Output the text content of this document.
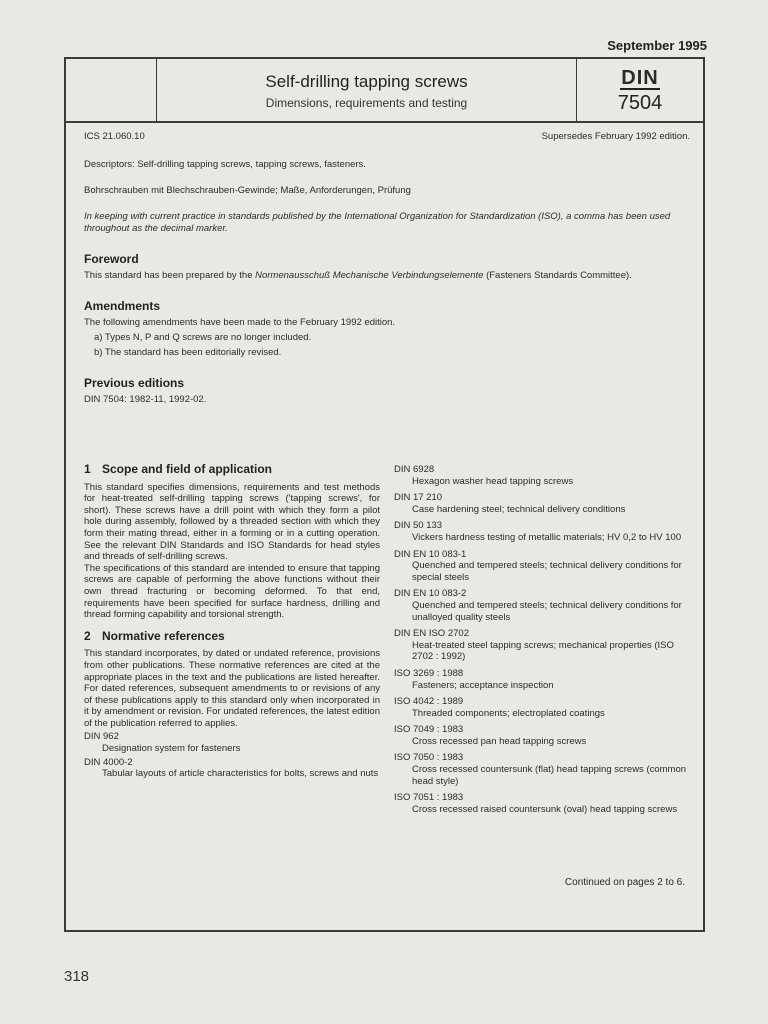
September 1995
Self-drilling tapping screws
Dimensions, requirements and testing
DIN
7504
ICS 21.060.10	Supersedes February 1992 edition.

Descriptors: Self-drilling tapping screws, tapping screws, fasteners.

Bohrschrauben mit Blechschrauben-Gewinde; Maße, Anforderungen, Prüfung

In keeping with current practice in standards published by the International Organization for Standardization (ISO), a comma has been used throughout as the decimal marker.

Foreword

This standard has been prepared by the Normenausschuß Mechanische Verbindungselemente (Fasteners Standards Committee).

Amendments

The following amendments have been made to the February 1992 edition.

a) Types N, P and Q screws are no longer included.
b) The standard has been editorially revised.
Previous editions

DIN 7504: 1982-11, 1992-02.

1 Scope and field of application

This standard specifies dimensions, requirements and test methods for heat-treated self-drilling tapping screws ('tapping screws', for short). These screws have a drill point with which they form a pilot hole during assembly, followed by a threaded section with which they form their mating thread, either in a forming or in a cutting operation. See the relevant DIN Standards and ISO Standards for head styles and threads of self-drilling screws.

The specifications of this standard are intended to ensure that tapping screws are capable of performing the above functions without their own thread fracturing or becoming deformed. To that end, requirements have been specified for surface hardness, drilling and thread forming capability and torsional strength.

2 Normative references

This standard incorporates, by dated or undated reference, provisions from other publications. These normative references are cited at the appropriate places in the text and the publications are listed hereafter. For dated references, subsequent amendments to or revisions of any of these publications apply to this standard only when incorporated in it by amendment or revision. For undated references, the latest edition of the publication referred to applies.

DIN 962
Designation system for fasteners
DIN 4000-2
Tabular layouts of article characteristics for bolts, screws and nuts
DIN 6928
Hexagon washer head tapping screws
DIN 17 210
Case hardening steel; technical delivery conditions
DIN 50 133
Vickers hardness testing of metallic materials; HV 0,2 to HV 100
DIN EN 10 083-1
Quenched and tempered steels; technical delivery conditions for special steels
DIN EN 10 083-2
Quenched and tempered steels; technical delivery conditions for unalloyed quality steels
DIN EN ISO 2702
Heat-treated steel tapping screws; mechanical properties (ISO 2702 : 1992)
ISO 3269 : 1988
Fasteners; acceptance inspection
ISO 4042 : 1989
Threaded components; electroplated coatings
ISO 7049 : 1983
Cross recessed pan head tapping screws
ISO 7050 : 1983
Cross recessed countersunk (flat) head tapping screws (common head style)
ISO 7051 : 1983
Cross recessed raised countersunk (oval) head tapping screws
Continued on pages 2 to 6.
318
